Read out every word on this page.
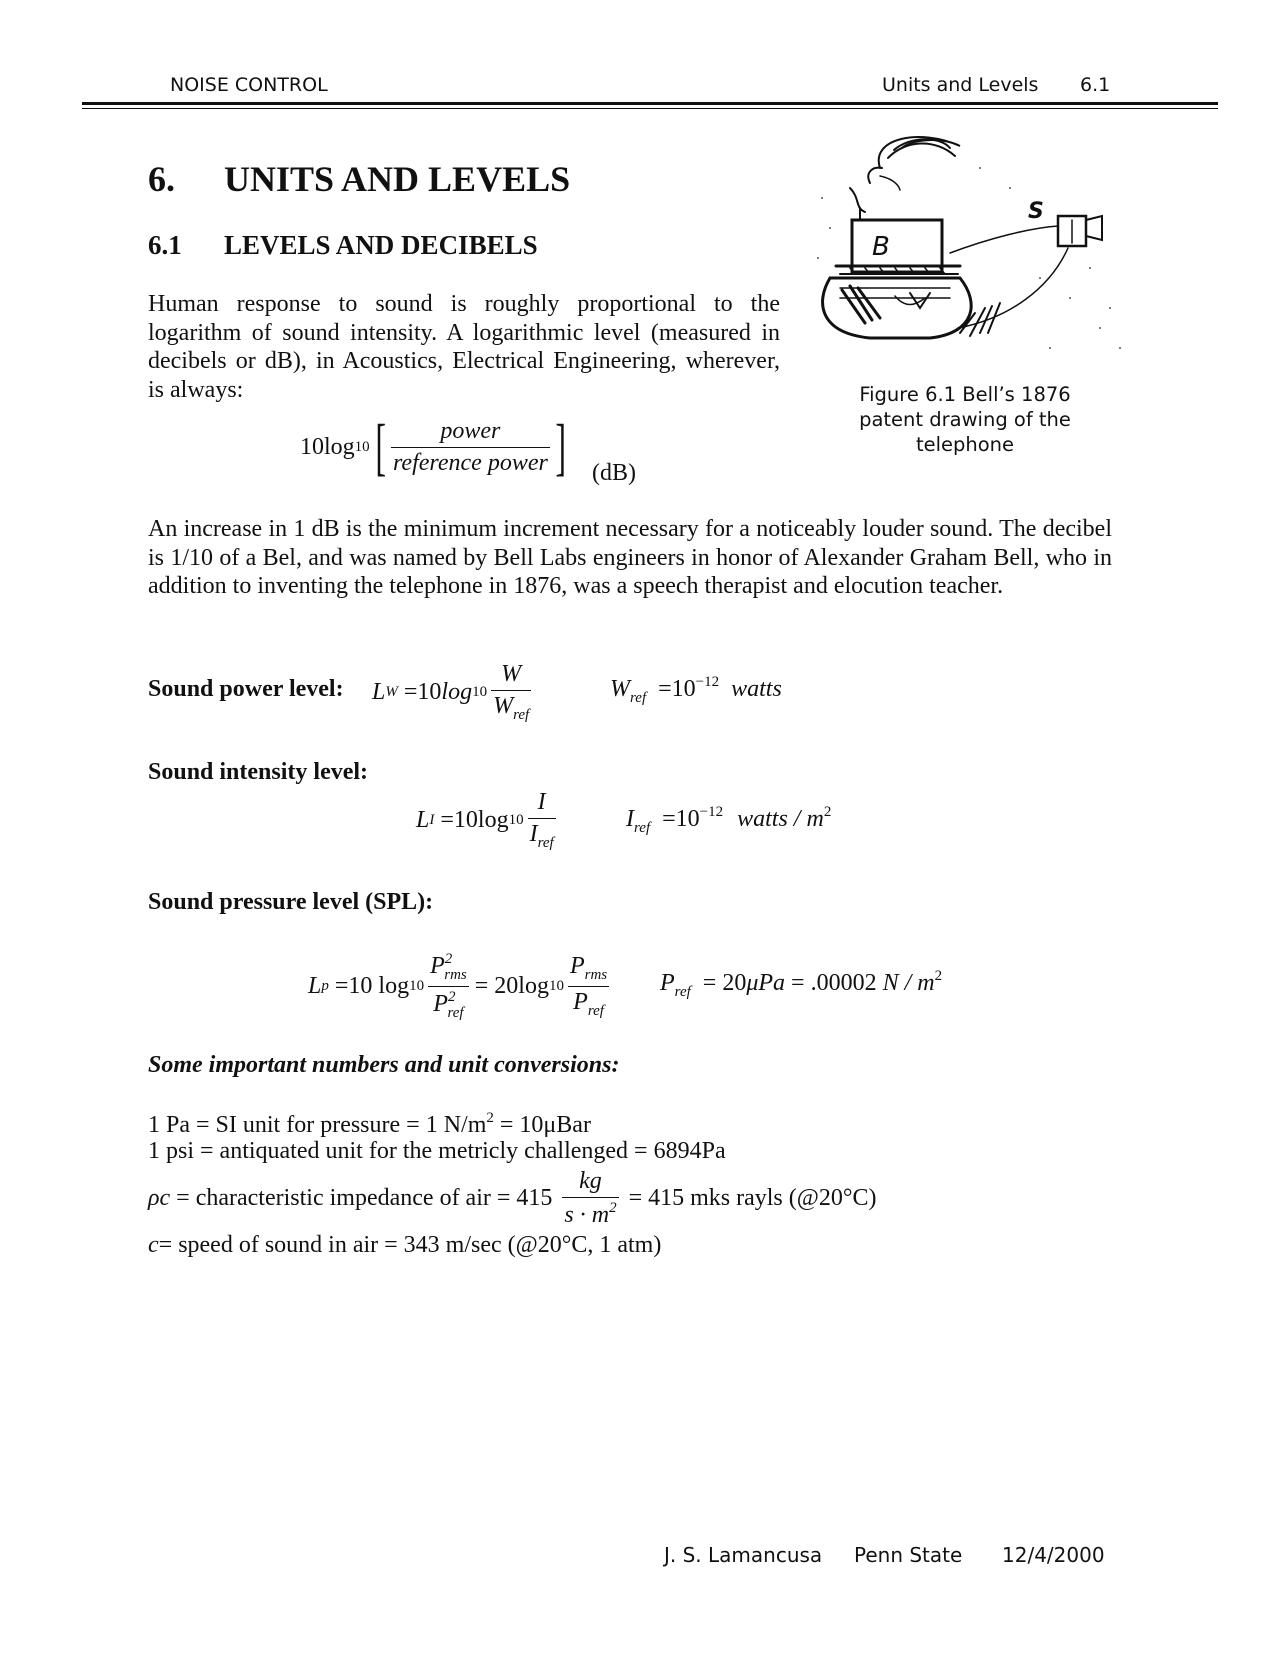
NOISE CONTROL	Units and Levels 6.1
6. UNITS AND LEVELS
6.1 LEVELS AND DECIBELS
Human response to sound is roughly proportional to the logarithm of sound intensity. A logarithmic level (measured in decibels or dB), in Acoustics, Electrical Engineering, wherever, is always:
10log 10 [ $\frac{\text{power}}{\text{reference power}}$ ] (dB)
B
S
Figure 6.1 Bell’s 1876 patent drawing of the telephone
An increase in 1 dB is the minimum increment necessary for a noticeably louder sound. The decibel is 1/10 of a Bel, and was named by Bell Labs engineers in honor of Alexander Graham Bell, who in addition to inventing the telephone in 1876, was a speech therapist and elocution teacher.
Sound power level: L W =10 $\log 10 \frac{W}{W_{ref}}$	$W_{ref} =10^{-12}$ watts
Sound intensity level:
L I =10log $10 \frac{I}{I_{ref}}$	$I_{ref} =10^{-12}$ watts / $m^2$
Sound pressure level (SPL):
L p =10 $\log 10 \frac{P^2_{rms}}{P^2_{ref}} = 20\log$ $10 \frac{P_{rms}}{P_{ref}} P_{ref} = 20\mu Pa = .00002$ N / $m^2$
Some important numbers and unit conversions:
1 Pa = SI unit for pressure = 1 $N/m^2 = 10\mu Bar$
1 psi = antiquated unit for the metricly challenged = 6894Pa
ρc = characteristic impedance of air = $415 \frac{kg}{s \cdot m^2} = 415$ mks rayls (@20°C)
c= speed of sound in air = 343 m/sec (@20°C, 1 atm)
J. S. Lamancusa Penn State 12/4/2000
